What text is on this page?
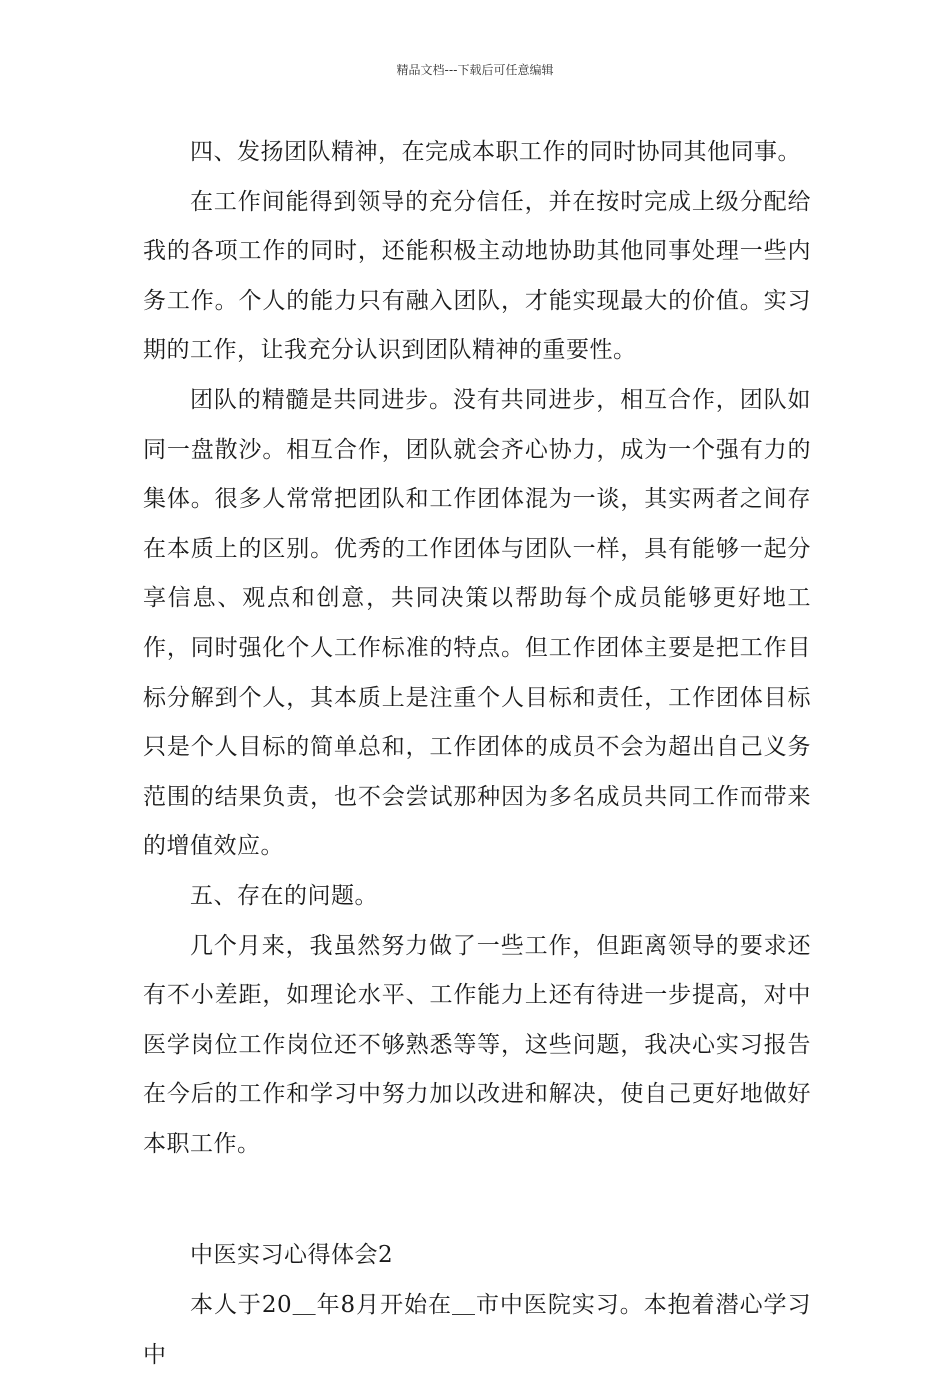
精品文档---下载后可任意编辑

四、发扬团队精神，在完成本职工作的同时协同其他同事。

在工作间能得到领导的充分信任，并在按时完成上级分配给我的各项工作的同时，还能积极主动地协助其他同事处理一些内务工作。个人的能力只有融入团队，才能实现最大的价值。实习期的工作，让我充分认识到团队精神的重要性。

团队的精髓是共同进步。没有共同进步，相互合作，团队如同一盘散沙。相互合作，团队就会齐心协力，成为一个强有力的集体。很多人常常把团队和工作团体混为一谈，其实两者之间存在本质上的区别。优秀的工作团体与团队一样，具有能够一起分享信息、观点和创意，共同决策以帮助每个成员能够更好地工作，同时强化个人工作标准的特点。但工作团体主要是把工作目标分解到个人，其本质上是注重个人目标和责任，工作团体目标只是个人目标的简单总和，工作团体的成员不会为超出自己义务范围的结果负责，也不会尝试那种因为多名成员共同工作而带来的增值效应。

五、存在的问题。

几个月来，我虽然努力做了一些工作，但距离领导的要求还有不小差距，如理论水平、工作能力上还有待进一步提高，对中医学岗位工作岗位还不够熟悉等等，这些问题，我决心实习报告在今后的工作和学习中努力加以改进和解决，使自己更好地做好本职工作。

中医实习心得体会2

本人于20＿年8月开始在＿市中医院实习。本抱着潜心学习中
